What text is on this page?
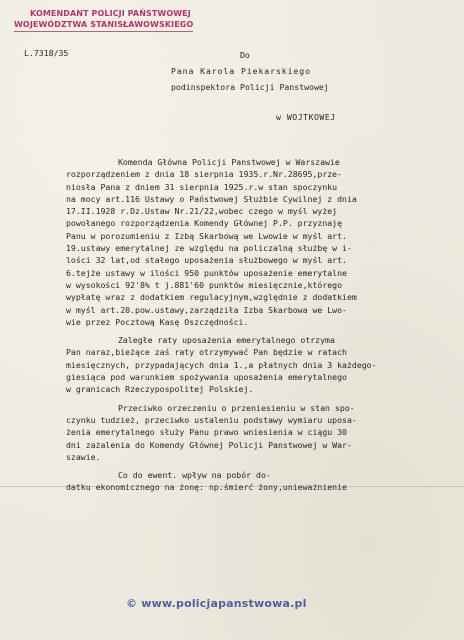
KOMENDANT POLICJI PAŃSTWOWEJ
WOJEWÓDZTWA STANISŁAWOWSKIEGO
L.7318/35	Do
Pana Karola Piekarskiego
podinspektora Policji Panstwowej
w WOJTKOWEJ
Komenda Główna Policji Panstwowej w Warszawie
rozporządzeniem z dnia 18 sierpnia 1935.r.Nr.28695,prze-
niosła Pana z dniem 31 sierpnia 1925.r.w stan spoczynku
na mocy art.116 Ustawy o Państwowej Służbie Cywilnej z dnia
17.II.1928 r.Dz.Ustaw Nr.21/22,wobec czego w myśl wyżej
powołanego rozporządzenia Komendy Głównej P.P. przyznaję
Panu w porozumieniu z Izbą Skarbową we Lwowie w myśl art.
19.ustawy emerytalnej ze względu na policzalną służbę w i-
lości 32 lat,od stałego uposażenia służbowego w myśl art.
6.tejże ustawy w ilości 950 punktów uposażenie emerytalne
w wysokości 92'8% t j.881'60 punktów miesięcznie,którego
wypłatę wraz z dodatkiem regulacyjnym,względnie z dodatkiem
w myśl art.20.pow.ustawy,zarządziła Izba Skarbowa we Lwo-
wie przez Pocztową Kasę Oszczędności.
Zaległe raty uposażenia emerytalnego otrzyma
Pan naraz,bieżące zaś raty otrzymywać Pan będzie w ratach
miesięcznych, przypadających dnia 1.,a płatnych dnia 3 każdego-
giesiąca pod warunkiem spożywania uposażenia emerytalnego
w granicach Rzeczypospolitej Polskiej.
Przeciwko orzeczeniu o przeniesieniu w stan spo-
czynku tudzież, przeciwko ustaleniu podstawy wymiaru uposa-
żenia emerytalnego służy Panu prawo wniesienia w ciągu 30
dni zażalenia do Komendy Głównej Policji Panstwowej w War-
szawie.
Co do ewent. wpływ na pobór do-
datku ekonomicznego na żonę: np.śmierć żony,unieważnienie
© www.policjapanstwowa.pl
